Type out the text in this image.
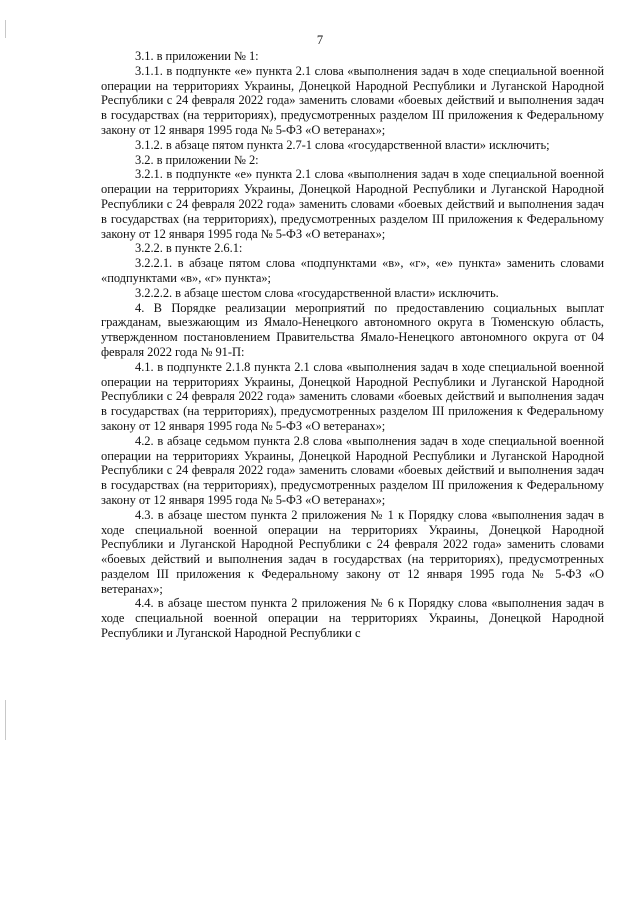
7

3.1. в приложении № 1:

3.1.1. в подпункте «е» пункта 2.1 слова «выполнения задач в ходе специальной военной операции на территориях Украины, Донецкой Народной Республики и Луганской Народной Республики с 24 февраля 2022 года» заменить словами «боевых действий и выполнения задач в государствах (на территориях), предусмотренных разделом III приложения к Федеральному закону от 12 января 1995 года № 5-ФЗ «О ветеранах»;

3.1.2. в абзаце пятом пункта 2.7-1 слова «государственной власти» исключить;

3.2. в приложении № 2:

3.2.1. в подпункте «е» пункта 2.1 слова «выполнения задач в ходе специальной военной операции на территориях Украины, Донецкой Народной Республики и Луганской Народной Республики с 24 февраля 2022 года» заменить словами «боевых действий и выполнения задач в государствах (на территориях), предусмотренных разделом III приложения к Федеральному закону от 12 января 1995 года № 5-ФЗ «О ветеранах»;

3.2.2. в пункте 2.6.1:

3.2.2.1. в абзаце пятом слова «подпунктами «в», «г», «е» пункта» заменить словами «подпунктами «в», «г» пункта»;

3.2.2.2. в абзаце шестом слова «государственной власти» исключить.

4. В Порядке реализации мероприятий по предоставлению социальных выплат гражданам, выезжающим из Ямало-Ненецкого автономного округа в Тюменскую область, утвержденном постановлением Правительства Ямало-Ненецкого автономного округа от 04 февраля 2022 года № 91-П:

4.1. в подпункте 2.1.8 пункта 2.1 слова «выполнения задач в ходе специальной военной операции на территориях Украины, Донецкой Народной Республики и Луганской Народной Республики с 24 февраля 2022 года» заменить словами «боевых действий и выполнения задач в государствах (на территориях), предусмотренных разделом III приложения к Федеральному закону от 12 января 1995 года № 5-ФЗ «О ветеранах»;

4.2. в абзаце седьмом пункта 2.8 слова «выполнения задач в ходе специальной военной операции на территориях Украины, Донецкой Народной Республики и Луганской Народной Республики с 24 февраля 2022 года» заменить словами «боевых действий и выполнения задач в государствах (на территориях), предусмотренных разделом III приложения к Федеральному закону от 12 января 1995 года № 5-ФЗ «О ветеранах»;

4.3. в абзаце шестом пункта 2 приложения № 1 к Порядку слова «выполнения задач в ходе специальной военной операции на территориях Украины, Донецкой Народной Республики и Луганской Народной Республики с 24 февраля 2022 года» заменить словами «боевых действий и выполнения задач в государствах (на территориях), предусмотренных разделом III приложения к Федеральному закону от 12 января 1995 года № 5-ФЗ «О ветеранах»;

4.4. в абзаце шестом пункта 2 приложения № 6 к Порядку слова «выполнения задач в ходе специальной военной операции на территориях Украины, Донецкой Народной Республики и Луганской Народной Республики с
